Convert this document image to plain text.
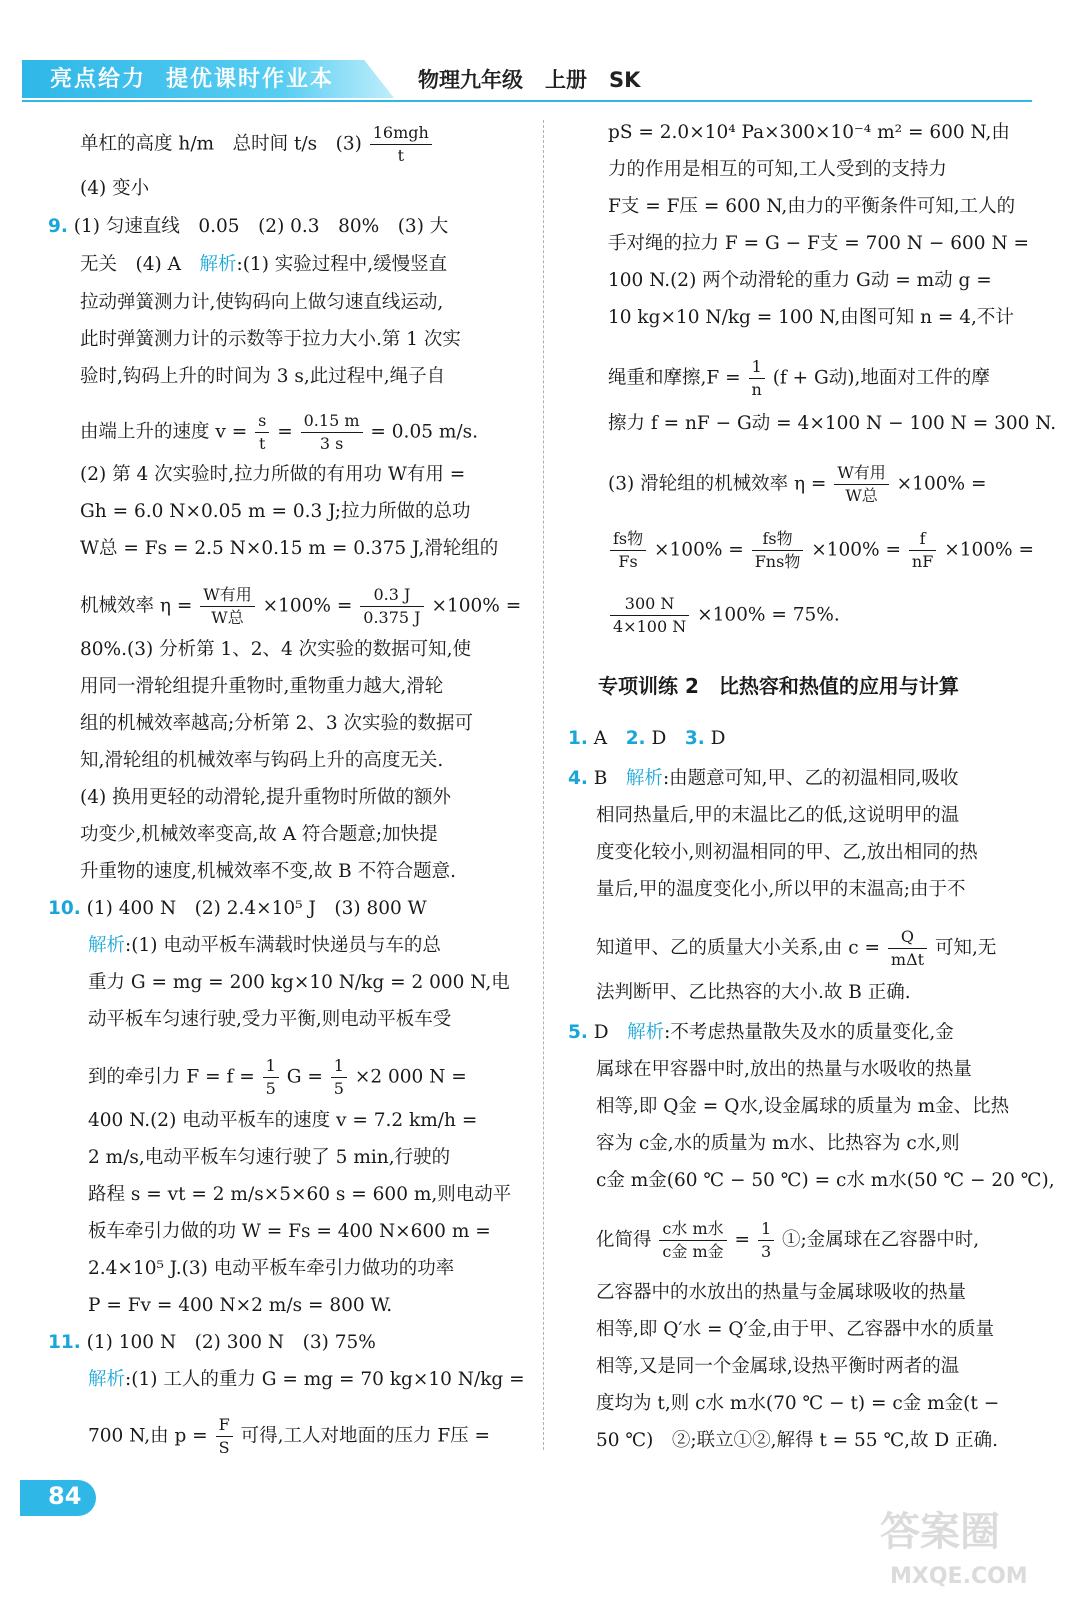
亮点给力 提优课时作业本	物理九年级 上册 SK
单杠的高度 h/m　总时间 t/s　$(3) \frac{\text{16mgh}}{t}$
(4) 变小
9. (1) 匀速直线　0.05　(2) 0.3　80%　(3) 大
无关　(4) A　 解析:(1) 实验过程中,缓慢竖直
拉动弹簧测力计,使钩码向上做匀速直线运动,
此时弹簧测力计的示数等于拉力大小.第 1 次实
验时,钩码上升的时间为 3 s,此过程中,绳子自
由端上升的速度 $v = \frac{s}{t} = \frac{0.15 m}{3 s} = 0.05$ m/s.
(2) 第 4 次实验时,拉力所做的有用功 W有用 =
Gh = 6.0 N×0.05 m = 0.3 J;拉力所做的总功
W总 = Fs = 2.5 N×0.15 m = 0.375 J,滑轮组的
机械效率 $\eta = \frac{\text{W有用}}{\text{W总}} \times 100\% = \frac{0.3 J}{0.375 J} \times 100\%$ =
80%.(3) 分析第 1、2、4 次实验的数据可知,使
用同一滑轮组提升重物时,重物重力越大,滑轮
组的机械效率越高;分析第 2、3 次实验的数据可
知,滑轮组的机械效率与钩码上升的高度无关.
(4) 换用更轻的动滑轮,提升重物时所做的额外
功变少,机械效率变高,故 A 符合题意;加快提
升重物的速度,机械效率不变,故 B 不符合题意.
10. (1) 400 N　(2) 2.4×10⁵ J　(3) 800 W
解析:(1) 电动平板车满载时快递员与车的总
重力 G = mg = 200 kg×10 N/kg = 2 000 N,电
动平板车匀速行驶,受力平衡,则电动平板车受
到的牵引力 $F = f = \frac{1}{5}$ $G = \frac{1}{5} \times 2$ 000 N =
400 N.(2) 电动平板车的速度 v = 7.2 km/h =
2 m/s,电动平板车匀速行驶了 5 min,行驶的
路程 s = vt = 2 m/s×5×60 s = 600 m,则电动平
板车牵引力做的功 W = Fs = 400 N×600 m =
2.4×10⁵ J.(3) 电动平板车牵引力做功的功率
P = Fv = 400 N×2 m/s = 800 W.
11. (1) 100 N　(2) 300 N　(3) 75%
解析:(1) 工人的重力 G = mg = 70 kg×10 N/kg =
700 N,由 $p = \frac{F}{S}$ 可得,工人对地面的压力 F压 =
pS = 2.0×10⁴ Pa×300×10⁻⁴ m² = 600 N,由
力的作用是相互的可知,工人受到的支持力
F支 = F压 = 600 N,由力的平衡条件可知,工人的
手对绳的拉力 F = G − F支 = 700 N − 600 N =
100 N.(2) 两个动滑轮的重力 G动 = m动 g =
10 kg×10 N/kg = 100 N,由图可知 n = 4,不计
绳重和摩擦$,F = \frac{1}{n} (f + G$动),地面对工件的摩
擦力 f = nF − G动 = 4×100 N − 100 N = 300 N.
(3) 滑轮组的机械效率 $\eta = \frac{\text{W有用}}{\text{W总}} \times 100\%$ =
$\frac{\text{fs物}}{Fs} \times 100\% = \frac{\text{fs物}}{\text{Fns物}} \times 100\% = \frac{f}{nF} \times 100\%$ =
$\frac{300 N}{4\times 100 N} \times 100\% = 75\%$.
专项训练 2　比热容和热值的应用与计算
1. A　 2. D　 3. D
4. B　 解析:由题意可知,甲、乙的初温相同,吸收
相同热量后,甲的末温比乙的低,这说明甲的温
度变化较小,则初温相同的甲、乙,放出相同的热
量后,甲的温度变化小,所以甲的末温高;由于不
知道甲、乙的质量大小关系,由 $c = \frac{Q}{\text{mΔt}}$ 可知,无
法判断甲、乙比热容的大小.故 B 正确.
5. D　 解析:不考虑热量散失及水的质量变化,金
属球在甲容器中时,放出的热量与水吸收的热量
相等,即 Q金 = Q水,设金属球的质量为 m金、比热
容为 c金,水的质量为 m水、比热容为 c水,则
c金 m金(60 ℃ − 50 ℃) = c水 m水(50 ℃ − 20 ℃),
化简得 $\frac{\text{c水 m水}}{\text{c金 m金}} = \frac{1}{3}$ ①;金属球在乙容器中时,
乙容器中的水放出的热量与金属球吸收的热量
相等,即 Q′水 = Q′金,由于甲、乙容器中水的质量
相等,又是同一个金属球,设热平衡时两者的温
度均为 t,则 c水 m水(70 ℃ − t) = c金 m金(t −
50 ℃)　②;联立①②,解得 t = 55 ℃,故 D 正确.
84
答案圈
MXQE.COM
